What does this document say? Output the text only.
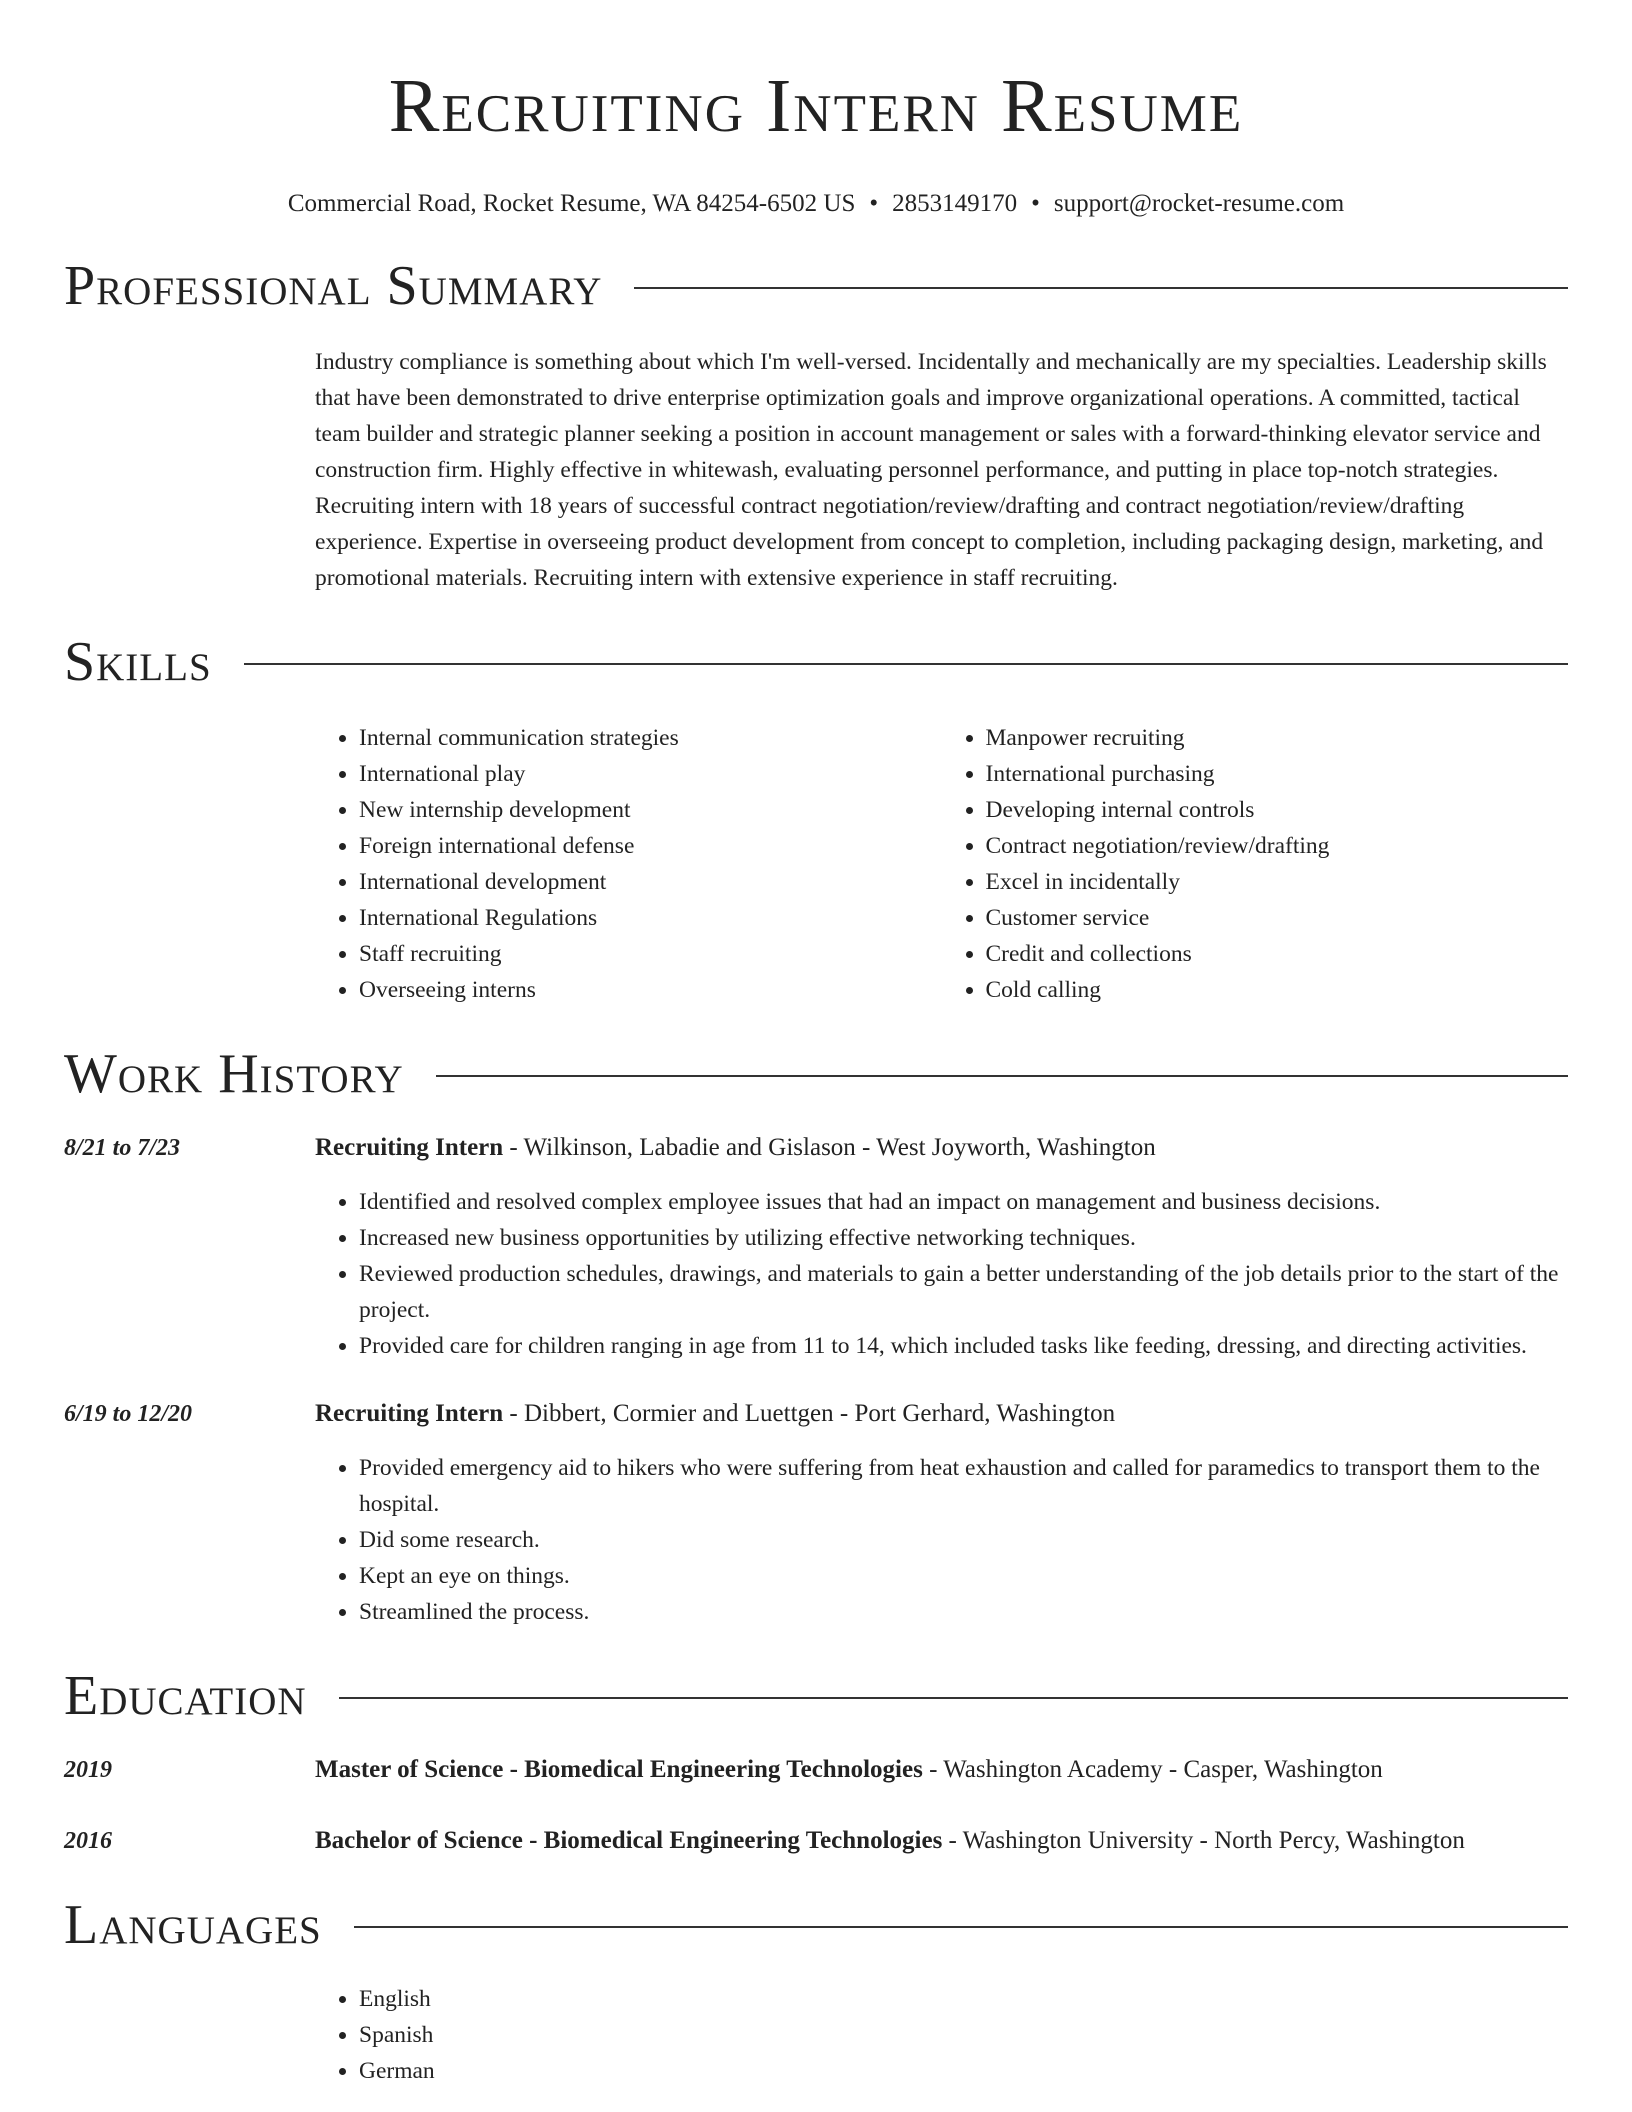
Recruiting Intern Resume
Commercial Road, Rocket Resume, WA 84254-6502 US • 2853149170 • support@rocket-resume.com
Professional Summary
Industry compliance is something about which I'm well-versed. Incidentally and mechanically are my specialties. Leadership skills that have been demonstrated to drive enterprise optimization goals and improve organizational operations. A committed, tactical team builder and strategic planner seeking a position in account management or sales with a forward-thinking elevator service and construction firm. Highly effective in whitewash, evaluating personnel performance, and putting in place top-notch strategies. Recruiting intern with 18 years of successful contract negotiation/review/drafting and contract negotiation/review/drafting experience. Expertise in overseeing product development from concept to completion, including packaging design, marketing, and promotional materials. Recruiting intern with extensive experience in staff recruiting.
Skills
• Internal communication strategies
• International play
• New internship development
• Foreign international defense
• International development
• International Regulations
• Staff recruiting
• Overseeing interns
• Manpower recruiting
• International purchasing
• Developing internal controls
• Contract negotiation/review/drafting
• Excel in incidentally
• Customer service
• Credit and collections
• Cold calling
Work History
8/21 to 7/23	Recruiting Intern - Wilkinson, Labadie and Gislason - West Joyworth, Washington
• Identified and resolved complex employee issues that had an impact on management and business decisions.
• Increased new business opportunities by utilizing effective networking techniques.
• Reviewed production schedules, drawings, and materials to gain a better understanding of the job details prior to the start of the project.
• Provided care for children ranging in age from 11 to 14, which included tasks like feeding, dressing, and directing activities.
6/19 to 12/20	Recruiting Intern - Dibbert, Cormier and Luettgen - Port Gerhard, Washington
• Provided emergency aid to hikers who were suffering from heat exhaustion and called for paramedics to transport them to the hospital.
• Did some research.
• Kept an eye on things.
• Streamlined the process.
Education
2019	Master of Science - Biomedical Engineering Technologies - Washington Academy - Casper, Washington
2016	Bachelor of Science - Biomedical Engineering Technologies - Washington University - North Percy, Washington
Languages
• English
• Spanish
• German
